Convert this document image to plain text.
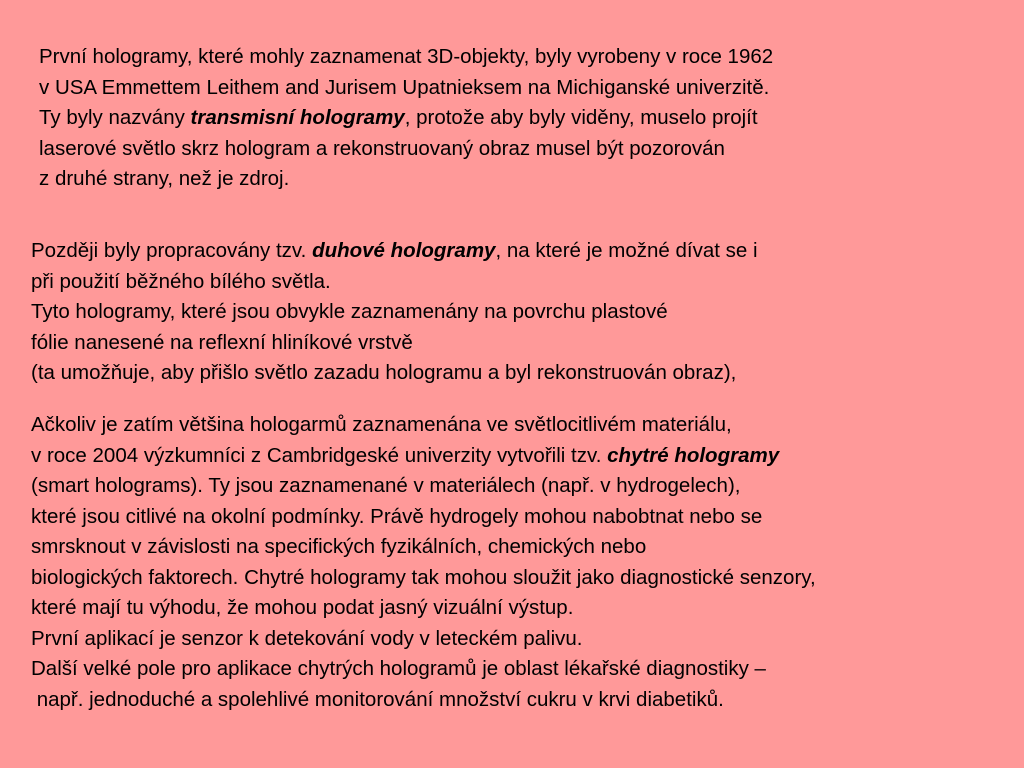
První hologramy, které mohly zaznamenat 3D-objekty, byly vyrobeny v roce 1962
v USA Emmettem Leithem and Jurisem Upatnieksem na Michiganské univerzitě.
Ty byly nazvány transmisní hologramy, protože aby byly viděny, muselo projít
laserové světlo skrz hologram a rekonstruovaný obraz musel být pozorován
z druhé strany, než je zdroj.

Později byly propracovány tzv. duhové hologramy, na které je možné dívat se i
při použití běžného bílého světla.
Tyto hologramy, které jsou obvykle zaznamenány na povrchu plastové
fólie nanesené na reflexní hliníkové vrstvě
(ta umožňuje, aby přišlo světlo zazadu hologramu a byl rekonstruován obraz),

Ačkoliv je zatím většina hologarmů zaznamenána ve světlocitlivém materiálu,
v roce 2004 výzkumníci z Cambridgeské univerzity vytvořili tzv. chytré hologramy
(smart holograms). Ty jsou zaznamenané v materiálech (např. v hydrogelech),
které jsou citlivé na okolní podmínky. Právě hydrogely mohou nabobtnat nebo se
smrsknout v závislosti na specifických fyzikálních, chemických nebo
biologických faktorech. Chytré hologramy tak mohou sloužit jako diagnostické senzory,
které mají tu výhodu, že mohou podat jasný vizuální výstup.
První aplikací je senzor k detekování vody v leteckém palivu.
Další velké pole pro aplikace chytrých hologramů je oblast lékařské diagnostiky –
např. jednoduché a spolehlivé monitorování množství cukru v krvi diabetiků.
